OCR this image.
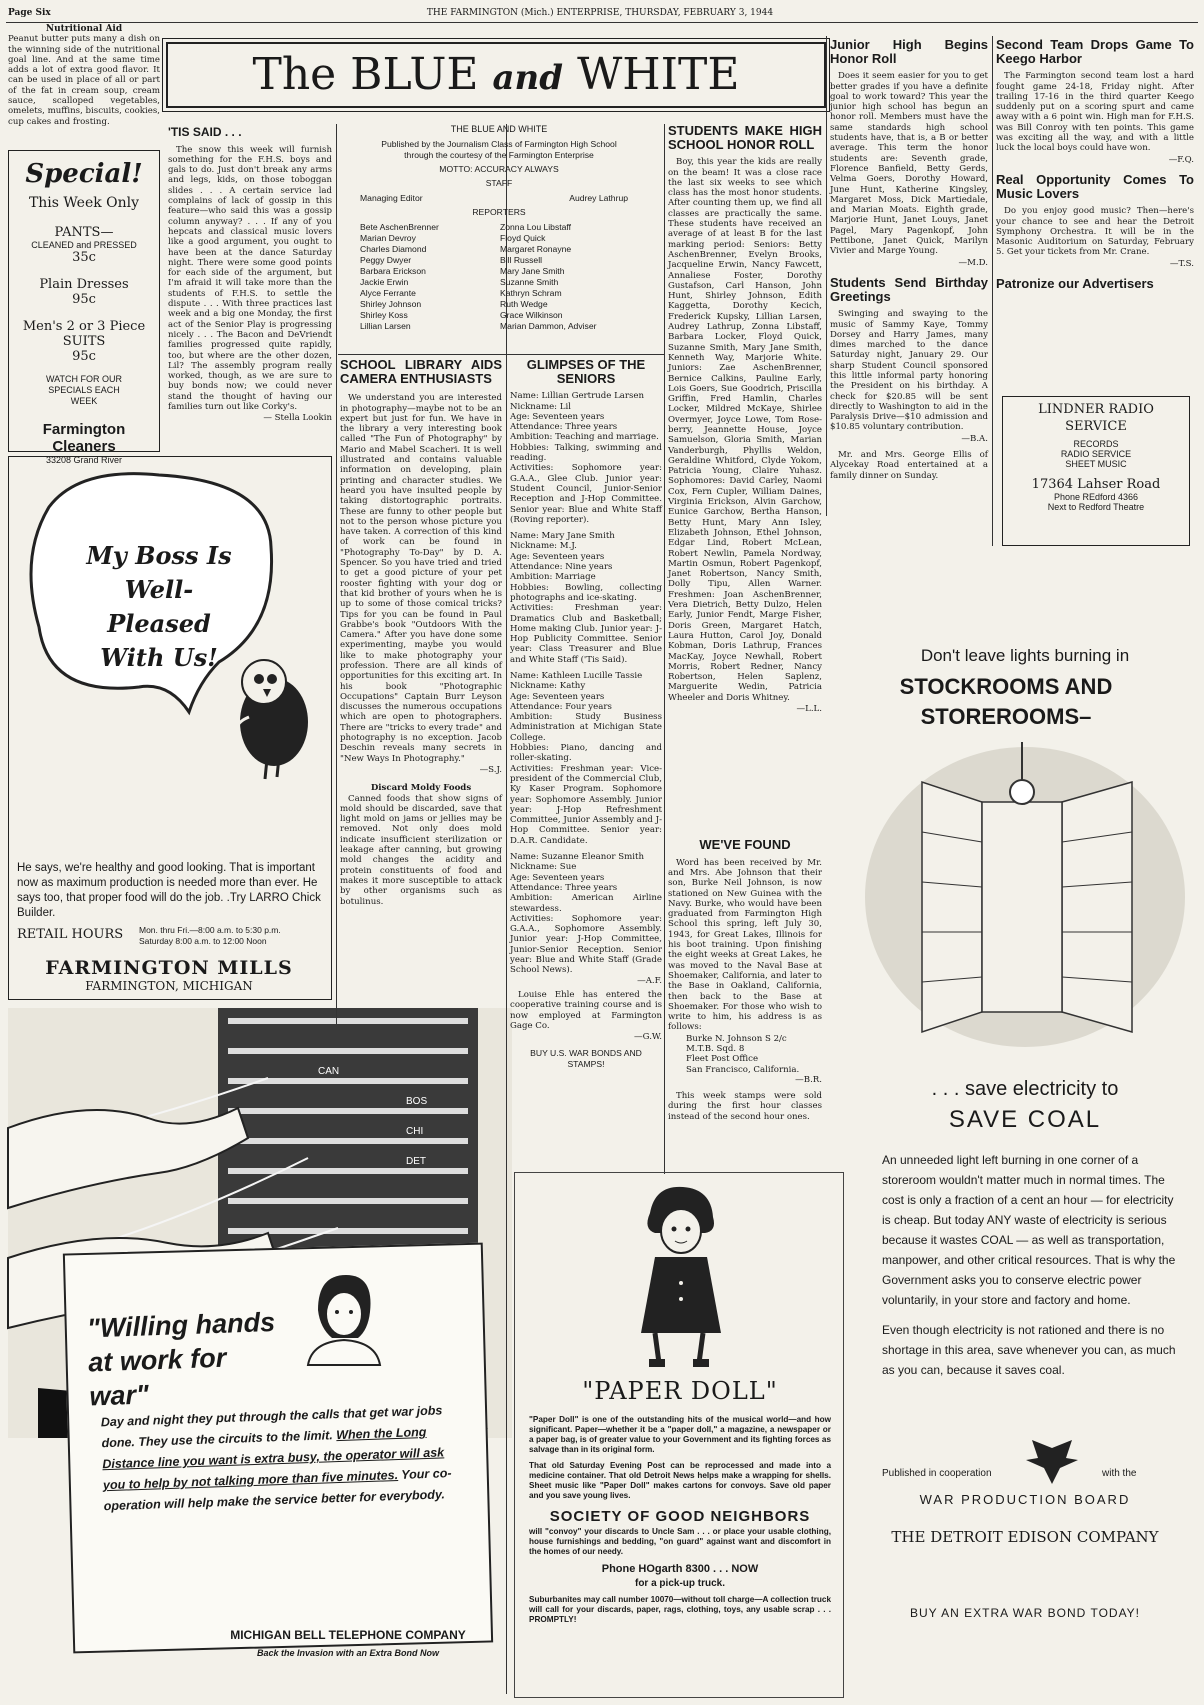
Page Six	THE FARMINGTON (Mich.) ENTERPRISE, THURSDAY, FEBRUARY 3, 1944
Nutritional Aid
Peanut butter puts many a dish on the winning side of the nutritional goal line. And at the same time adds a lot of extra good flavor. It can be used in place of all or part of the fat in cream soup, cream sauce, scalloped vegetables, omelets, muffins, biscuits, cookies, cup cakes and frosting.
Special!
This Week Only
PANTS—
CLEANED and PRESSED
35c
Plain Dresses
95c
Men's 2 or 3 Piece SUITS
95c
WATCH FOR OUR SPECIALS EACH WEEK
Farmington Cleaners
33208 Grand River
My Boss Is Well-Pleased With Us!
He says, we're healthy and good looking. That is important now as maximum production is needed more than ever. He says too, that proper food will do the job. .Try LARRO Chick Builder.
RETAIL HOURS	Mon. thru Fri.—8:00 a.m. to 5:30 p.m.
Saturday 8:00 a.m. to 12:00 Noon
FARMINGTON MILLS
FARMINGTON, MICHIGAN
CAN
BOS
CHI
DET
"Willing hands at work for war"
Day and night they put through the calls that get war jobs done. They use the circuits to the limit. When the Long Distance line you want is extra busy, the operator will ask you to help by not talking more than five minutes. Your co-operation will help make the service better for everybody.
MICHIGAN BELL TELEPHONE COMPANY
Back the Invasion with an Extra Bond Now
The BLUE and WHITE
'TIS SAID . . .

The snow this week will furnish something for the F.H.S. boys and gals to do. Just don't break any arms and legs, kids, on those toboggan slides . . . A certain service lad complains of lack of gossip in this feature—who said this was a gossip column anyway? . . . If any of you hepcats and classical music lovers like a good argument, you ought to have been at the dance Saturday night. There were some good points for each side of the argument, but I'm afraid it will take more than the students of F.H.S. to settle the dispute . . . With three practices last week and a big one Monday, the first act of the Senior Play is progressing nicely . . . The Bacon and DeVriendt families progressed quite rapidly, too, but where are the other dozen, Lil? The assembly program really worked, though, as we are sure to buy bonds now; we could never stand the thought of having our families turn out like Corky's.

— Stella Lookin
THE BLUE AND WHITE
Published by the Journalism Class of Farmington High School through the courtesy of the Farmington Enterprise
MOTTO: ACCURACY ALWAYS
STAFF
Managing Editor	Audrey Lathrup
REPORTERS
Bete AschenBrenner
Marian Devroy
Charles Diamond
Peggy Dwyer
Barbara Erickson
Jackie Erwin
Alyce Ferrante
Shirley Johnson
Shirley Koss
Lillian Larsen
Zonna Lou Libstaff
Floyd Quick
Margaret Ronayne
Bill Russell
Mary Jane Smith
Suzanne Smith
Kathryn Schram
Ruth Wedge
Grace Wilkinson
Marian Dammon, Adviser
SCHOOL LIBRARY AIDS CAMERA ENTHUSIASTS

We understand you are interested in photography—maybe not to be an expert but just for fun. We have in the library a very interesting book called "The Fun of Photography" by Mario and Mabel Scacheri. It is well illustrated and contains valuable information on developing, plain printing and character studies. We heard you have insulted people by taking distortographic portraits. These are funny to other people but not to the person whose picture you have taken. A correction of this kind of work can be found in "Photography To-Day" by D. A. Spencer. So you have tried and tried to get a good picture of your pet rooster fighting with your dog or that kid brother of yours when he is up to some of those comical tricks? Tips for you can be found in Paul Grabbe's book "Outdoors With the Camera." After you have done some experimenting, maybe you would like to make photography your profession. There are all kinds of opportunities for this exciting art. In his book "Photographic Occupations" Captain Burr Leyson discusses the numerous occupations which are open to photographers. There are "tricks to every trade" and photography is no exception. Jacob Deschin reveals many secrets in "New Ways In Photography."

—S.J.
Discard Moldy Foods

Canned foods that show signs of mold should be discarded, save that light mold on jams or jellies may be removed. Not only does mold indicate insufficient sterilization or leakage after canning, but growing mold changes the acidity and protein constituents of food and makes it more susceptible to attack by other organisms such as botulinus.

GLIMPSES OF THE SENIORS
Name: Lillian Gertrude Larsen
Nickname: Lil
Age: Seventeen years
Attendance: Three years
Ambition: Teaching and marriage.
Hobbies: Talking, swimming and reading.
Activities: Sophomore year: G.A.A., Glee Club. Junior year: Student Council, Junior-Senior Reception and J-Hop Committee. Senior year: Blue and White Staff (Roving reporter).
Name: Mary Jane Smith
Nickname: M.J.
Age: Seventeen years
Attendance: Nine years
Ambition: Marriage
Hobbies: Bowling, collecting photographs and ice-skating.
Activities: Freshman year: Dramatics Club and Basketball; Home making Club. Junior year: J-Hop Publicity Committee. Senior year: Class Treasurer and Blue and White Staff ('Tis Said).
Name: Kathleen Lucille Tassie
Nickname: Kathy
Age: Seventeen years
Attendance: Four years
Ambition: Study Business Administration at Michigan State College.
Hobbies: Piano, dancing and roller-skating.
Activities: Freshman year: Vice-president of the Commercial Club, Ky Kaser Program. Sophomore year: Sophomore Assembly. Junior year: J-Hop Refreshment Committee, Junior Assembly and J-Hop Committee. Senior year: D.A.R. Candidate.
Name: Suzanne Eleanor Smith
Nickname: Sue
Age: Seventeen years
Attendance: Three years
Ambition: American Airline stewardess.
Activities: Sophomore year: G.A.A., Sophomore Assembly. Junior year: J-Hop Committee, Junior-Senior Reception. Senior year: Blue and White Staff (Grade School News).
—A.F.

Louise Ehle has entered the cooperative training course and is now employed at Farmington Gage Co.

—G.W.
BUY U.S. WAR BONDS AND STAMPS!
STUDENTS MAKE HIGH SCHOOL HONOR ROLL

Boy, this year the kids are really on the beam! It was a close race the last six weeks to see which class has the most honor students. After counting them up, we find all classes are practically the same. These students have received an average of at least B for the last marking period: Seniors: Betty AschenBrenner, Evelyn Brooks, Jacqueline Erwin, Nancy Fawcett, Annaliese Foster, Dorothy Gustafson, Carl Hanson, John Hunt, Shirley Johnson, Edith Kaggetta, Dorothy Kecich, Frederick Kupsky, Lillian Larsen, Audrey Lathrup, Zonna Libstaff, Barbara Locker, Floyd Quick, Suzanne Smith, Mary Jane Smith, Kenneth Way, Marjorie White. Juniors: Zae AschenBrenner, Bernice Calkins, Pauline Early, Lois Goers, Sue Goodrich, Priscilla Griffin, Fred Hamlin, Charles Locker, Mildred McKaye, Shirlee Overmyer, Joyce Lowe, Tom Rose-berry, Jeannette House, Joyce Samuelson, Gloria Smith, Marian Vanderburgh, Phyllis Weldon, Geraldine Whitford, Clyde Yokom, Patricia Young, Claire Yuhasz. Sophomores: David Carley, Naomi Cox, Fern Cupler, William Daines, Virginia Erickson, Alvin Garchow, Eunice Garchow, Bertha Hanson, Betty Hunt, Mary Ann Isley, Elizabeth Johnson, Ethel Johnson, Edgar Lind, Robert McLean, Robert Newlin, Pamela Nordway, Martin Osmun, Robert Pagenkopf, Janet Robertson, Nancy Smith, Dolly Tipu, Allen Warner. Freshmen: Joan AschenBrenner, Vera Dietrich, Betty Dulzo, Helen Early, Junior Fendt, Marge Fisher, Doris Green, Margaret Hatch, Laura Hutton, Carol Joy, Donald Kobman, Doris Lathrup, Frances MacKay, Joyce Newhall, Robert Morris, Robert Redner, Nancy Robertson, Helen Saplenz, Marguerite Wedin, Patricia Wheeler and Doris Whitney.

—L.L.
WE'VE FOUND

Word has been received by Mr. and Mrs. Abe Johnson that their son, Burke Neil Johnson, is now stationed on New Guinea with the Navy. Burke, who would have been graduated from Farmington High School this spring, left July 30, 1943, for Great Lakes, Illinois for his boot training. Upon finishing the eight weeks at Great Lakes, he was moved to the Naval Base at Shoemaker, California, and later to the Base in Oakland, California, then back to the Base at Shoemaker. For those who wish to write to him, his address is as follows:

Burke N. Johnson S 2/c
M.T.B. Sqd. 8
Fleet Post Office
San Francisco, California.
—B.R.

This week stamps were sold during the first hour classes instead of the second hour ones.

Junior High Begins Honor Roll

Does it seem easier for you to get better grades if you have a definite goal to work toward? This year the junior high school has begun an honor roll. Members must have the same standards high school students have, that is, a B or better average. This term the honor students are: Seventh grade, Florence Banfield, Betty Gerds, Velma Goers, Dorothy Howard, June Hunt, Katherine Kingsley, Margaret Moss, Dick Martiedale, and Marian Moats. Eighth grade, Marjorie Hunt, Janet Louys, Janet Pagel, Mary Pagenkopf, John Pettibone, Janet Quick, Marilyn Vivier and Marge Young.

—M.D.
Students Send Birthday Greetings

Swinging and swaying to the music of Sammy Kaye, Tommy Dorsey and Harry James, many dimes marched to the dance Saturday night, January 29. Our sharp Student Council sponsored this little informal party honoring the President on his birthday. A check for $20.85 will be sent directly to Washington to aid in the Paralysis Drive—$10 admission and $10.85 voluntary contribution.

—B.A.

Mr. and Mrs. George Ellis of Alycekay Road entertained at a family dinner on Sunday.

Second Team Drops Game To Keego Harbor

The Farmington second team lost a hard fought game 24-18, Friday night. After trailing 17-16 in the third quarter Keego suddenly put on a scoring spurt and came away with a 6 point win. High man for F.H.S. was Bill Conroy with ten points. This game was exciting all the way, and with a little luck the local boys could have won.

—F.Q.
Real Opportunity Comes To Music Lovers

Do you enjoy good music? Then—here's your chance to see and hear the Detroit Symphony Orchestra. It will be in the Masonic Auditorium on Saturday, February 5. Get your tickets from Mr. Crane.

—T.S.
Patronize our Advertisers
LINDNER RADIO SERVICE
RECORDS
RADIO SERVICE
SHEET MUSIC
17364 Lahser Road
Phone REdford 4366
Next to Redford Theatre
"PAPER DOLL"
"Paper Doll" is one of the outstanding hits of the musical world—and how significant. Paper—whether it be a "paper doll," a magazine, a newspaper or a paper bag, is of greater value to your Government and its fighting forces as salvage than in its original form.
That old Saturday Evening Post can be reprocessed and made into a medicine container. That old Detroit News helps make a wrapping for shells. Sheet music like "Paper Doll" makes cartons for convoys. Save old paper and you save young lives.
SOCIETY OF GOOD NEIGHBORS
will "convoy" your discards to Uncle Sam . . . or place your usable clothing, house furnishings and bedding, "on guard" against want and discomfort in the homes of our needy.
Phone HOgarth 8300 . . . NOW
for a pick-up truck.
Suburbanites may call number 10070—without toll charge—A collection truck will call for your discards, paper, rags, clothing, toys, any usable scrap . . . PROMPTLY!
Don't leave lights burning in
STOCKROOMS AND STOREROOMS–
. . . save electricity to
SAVE COAL
An unneeded light left burning in one corner of a storeroom wouldn't matter much in normal times. The cost is only a fraction of a cent an hour — for electricity is cheap. But today ANY waste of electricity is serious because it wastes COAL — as well as transportation, manpower, and other critical resources. That is why the Government asks you to conserve electric power voluntarily, in your store and factory and home.
Even though electricity is not rationed and there is no shortage in this area, save whenever you can, as much as you can, because it saves coal.
Published in cooperation	with the
WAR PRODUCTION BOARD
THE DETROIT EDISON COMPANY
BUY AN EXTRA WAR BOND TODAY!
